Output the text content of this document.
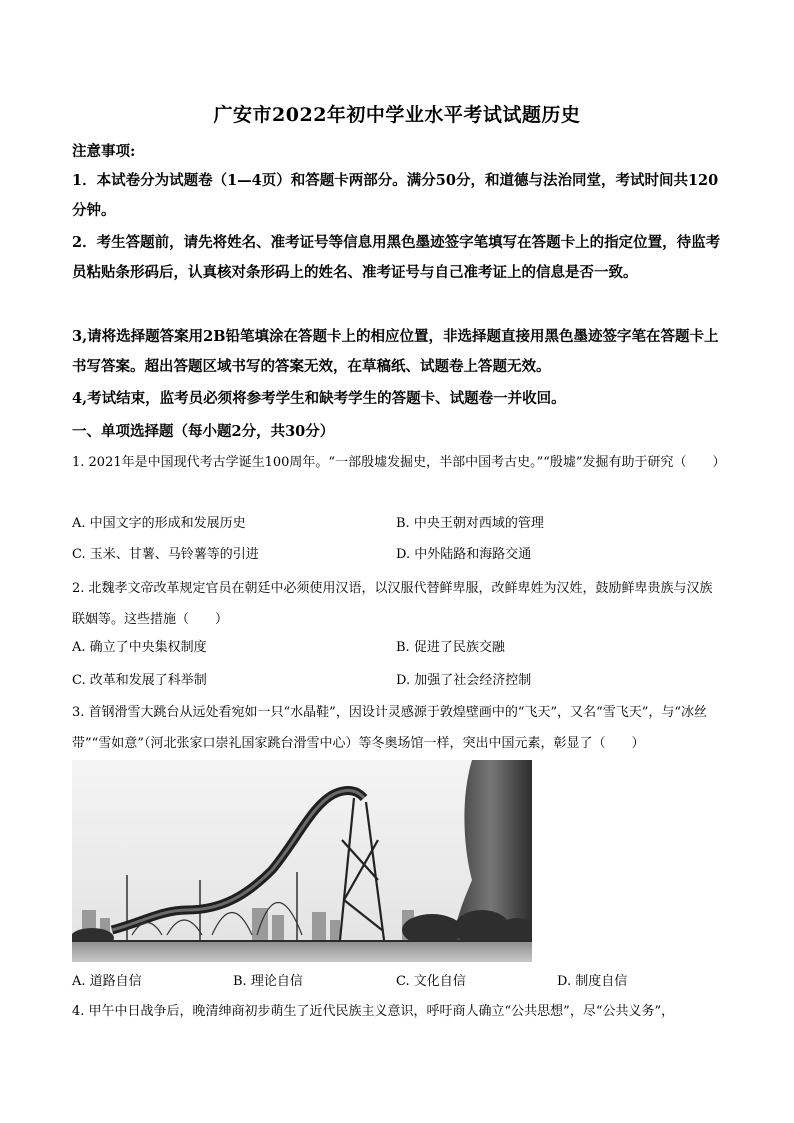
广安市2022年初中学业水平考试试题历史
注意事项:
1．本试卷分为试题卷（1—4页）和答题卡两部分。满分50分，和道德与法治同堂，考试时间共120分钟。
2．考生答题前，请先将姓名、准考证号等信息用黑色墨迹签字笔填写在答题卡上的指定位置，待监考员粘贴条形码后，认真核对条形码上的姓名、准考证号与自己准考证上的信息是否一致。
3,请将选择题答案用2B铅笔填涂在答题卡上的相应位置，非选择题直接用黑色墨迹签字笔在答题卡上书写答案。超出答题区域书写的答案无效，在草稿纸、试题卷上答题无效。
4,考试结束，监考员必须将参考学生和缺考学生的答题卡、试题卷一并收回。
一、单项选择题（每小题2分，共30分）
1. 2021年是中国现代考古学诞生100周年。“一部殷墟发掘史，半部中国考古史。”“殷墟”发掘有助于研究（　　）
A. 中国文字的形成和发展历史	B. 中央王朝对西域的管理
C. 玉米、甘薯、马铃薯等的引进	D. 中外陆路和海路交通
2. 北魏孝文帝改革规定官员在朝廷中必须使用汉语，以汉服代替鲜卑服，改鲜卑姓为汉姓，鼓励鲜卑贵族与汉族联姻等。这些措施（　　）
A. 确立了中央集权制度	B. 促进了民族交融
C. 改革和发展了科举制	D. 加强了社会经济控制
3. 首钢滑雪大跳台从远处看宛如一只“水晶鞋”，因设计灵感源于敦煌壁画中的“飞天”，又名“雪飞天”，与“冰丝带”“雪如意”（河北张家口崇礼国家跳台滑雪中心）等冬奥场馆一样，突出中国元素，彰显了（　　）
A. 道路自信	B. 理论自信	C. 文化自信	D. 制度自信
4. 甲午中日战争后，晚清绅商初步萌生了近代民族主义意识，呼吁商人确立“公共思想”，尽“公共义务”，
